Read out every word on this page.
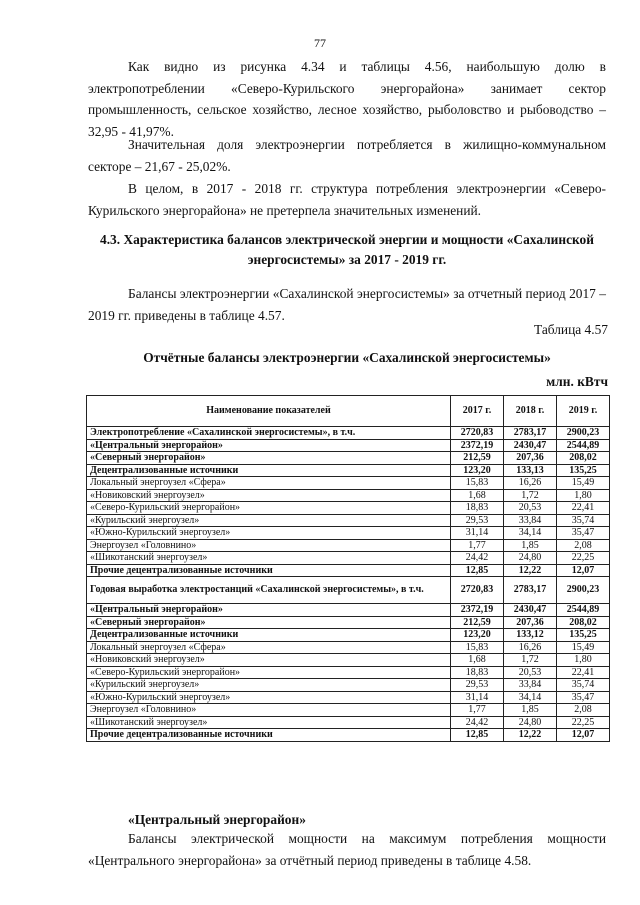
77

Как видно из рисунка 4.34 и таблицы 4.56, наибольшую долю в электропотреблении «Северо-Курильского энергорайона» занимает сектор промышленность, сельское хозяйство, лесное хозяйство, рыболовство и рыбоводство – 32,95 - 41,97%.

Значительная доля электроэнергии потребляется в жилищно-коммунальном секторе – 21,67 - 25,02%.

В целом, в 2017 - 2018 гг. структура потребления электроэнергии «Северо-Курильского энергорайона» не претерпела значительных изменений.

4.3. Характеристика балансов электрической энергии и мощности «Сахалинской энергосистемы» за 2017 - 2019 гг.

Балансы электроэнергии «Сахалинской энергосистемы» за отчетный период 2017 – 2019 гг. приведены в таблице 4.57.

Таблица 4.57
Отчётные балансы электроэнергии «Сахалинской энергосистемы»
млн. кВтч
Наименование показателей	2017 г.	2018 г.	2019 г.
Электропотребление «Сахалинской энергосистемы», в т.ч.	2720,83	2783,17	2900,23
«Центральный энергорайон»	2372,19	2430,47	2544,89
«Северный энергорайон»	212,59	207,36	208,02
Децентрализованные источники	123,20	133,13	135,25
Локальный энергоузел «Сфера»	15,83	16,26	15,49
«Новиковский энергоузел»	1,68	1,72	1,80
«Северо-Курильский энергорайон»	18,83	20,53	22,41
«Курильский энергоузел»	29,53	33,84	35,74
«Южно-Курильский энергоузел»	31,14	34,14	35,47
Энергоузел «Головнино»	1,77	1,85	2,08
«Шикотанский энергоузел»	24,42	24,80	22,25
Прочие децентрализованные источники	12,85	12,22	12,07
Годовая выработка электростанций «Сахалинской энергосистемы», в т.ч.	2720,83	2783,17	2900,23
«Центральный энергорайон»	2372,19	2430,47	2544,89
«Северный энергорайон»	212,59	207,36	208,02
Децентрализованные источники	123,20	133,12	135,25
Локальный энергоузел «Сфера»	15,83	16,26	15,49
«Новиковский энергоузел»	1,68	1,72	1,80
«Северо-Курильский энергорайон»	18,83	20,53	22,41
«Курильский энергоузел»	29,53	33,84	35,74
«Южно-Курильский энергоузел»	31,14	34,14	35,47
Энергоузел «Головнино»	1,77	1,85	2,08
«Шикотанский энергоузел»	24,42	24,80	22,25
Прочие децентрализованные источники	12,85	12,22	12,07
«Центральный энергорайон»

Балансы электрической мощности на максимум потребления мощности «Центрального энергорайона» за отчётный период приведены в таблице 4.58.
